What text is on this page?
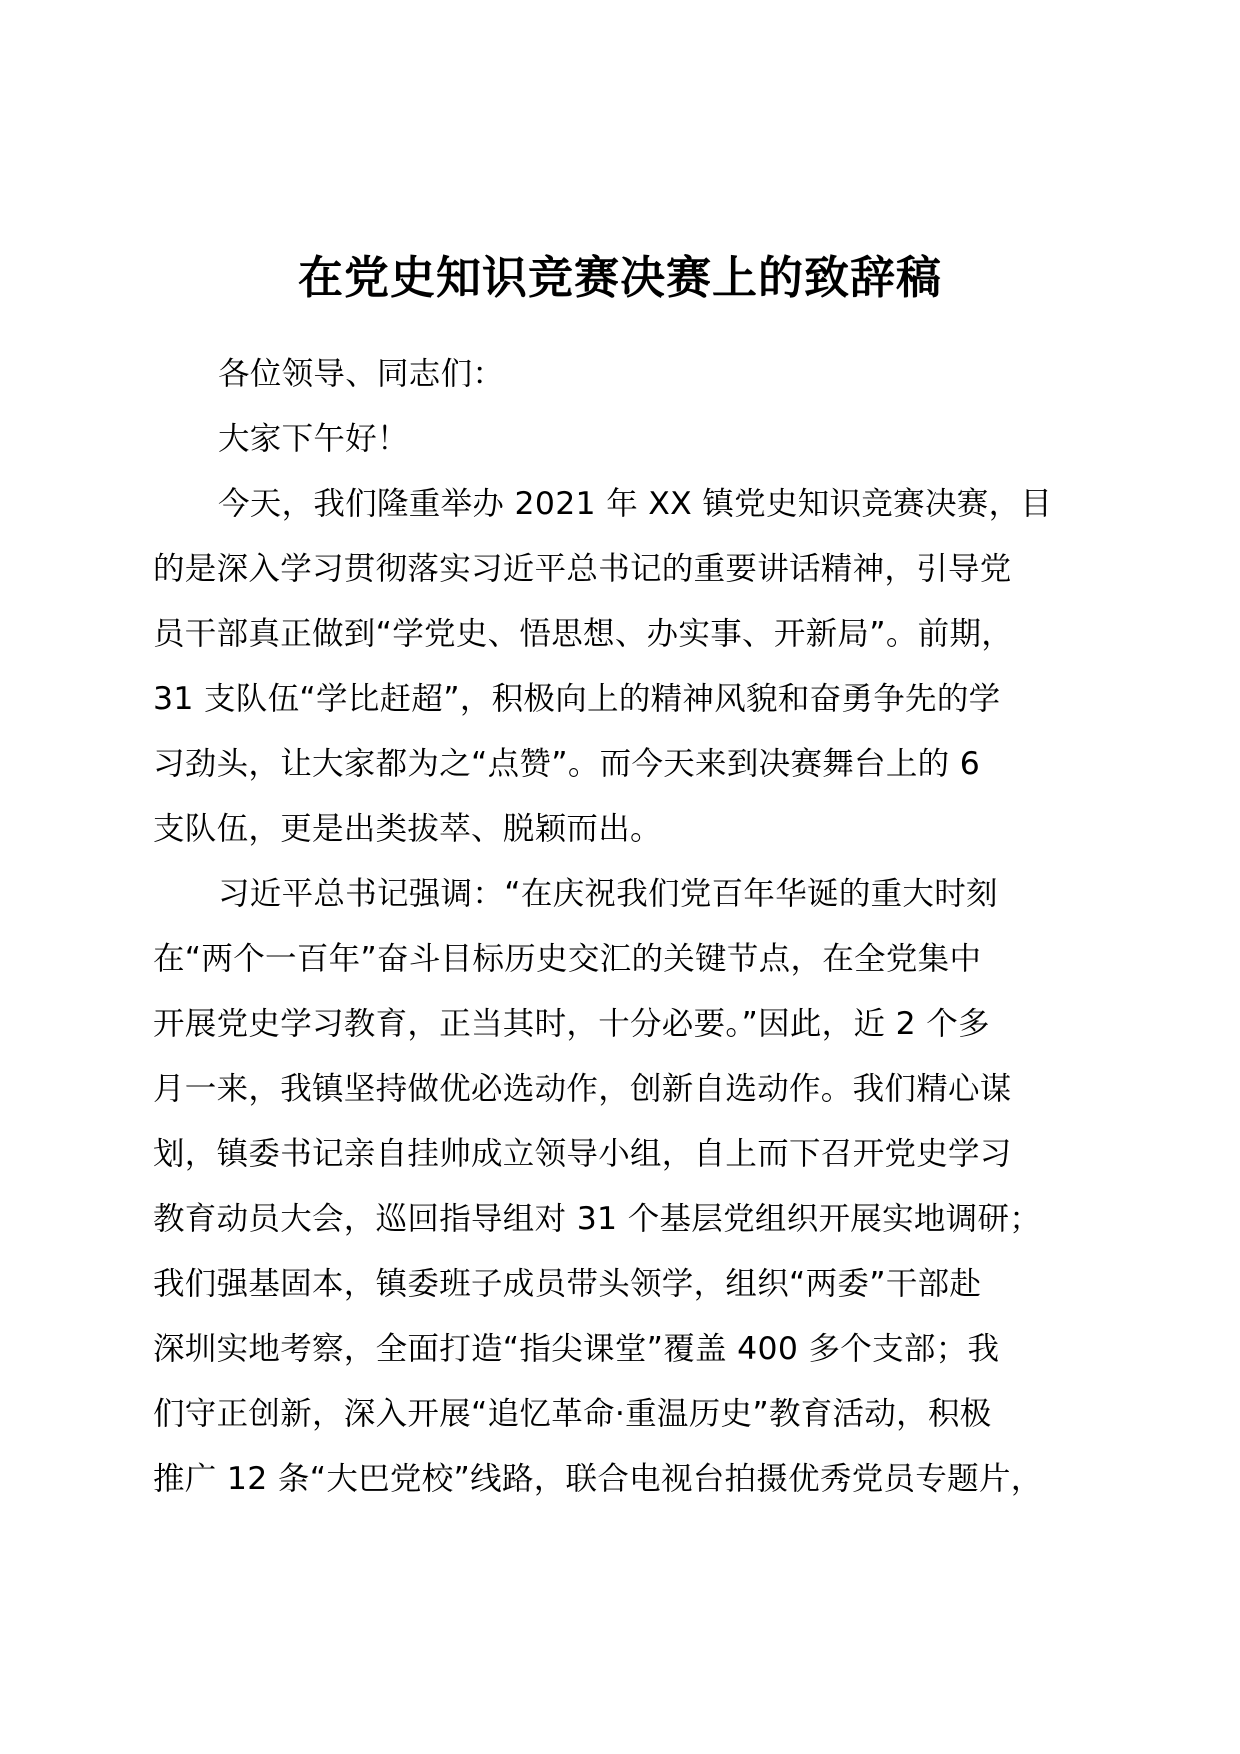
在党史知识竞赛决赛上的致辞稿
各位领导、同志们：
大家下午好！
今天，我们隆重举办 2021 年 XX 镇党史知识竞赛决赛，目
的是深入学习贯彻落实习近平总书记的重要讲话精神，引导党
员干部真正做到“学党史、悟思想、办实事、开新局”。前期，
31 支队伍“学比赶超”，积极向上的精神风貌和奋勇争先的学
习劲头，让大家都为之“点赞”。而今天来到决赛舞台上的 6
支队伍，更是出类拔萃、脱颖而出。
习近平总书记强调：“在庆祝我们党百年华诞的重大时刻
在“两个一百年”奋斗目标历史交汇的关键节点，在全党集中
开展党史学习教育，正当其时，十分必要。”因此，近 2 个多
月一来，我镇坚持做优必选动作，创新自选动作。我们精心谋
划，镇委书记亲自挂帅成立领导小组，自上而下召开党史学习
教育动员大会，巡回指导组对 31 个基层党组织开展实地调研；
我们强基固本，镇委班子成员带头领学，组织“两委”干部赴
深圳实地考察，全面打造“指尖课堂”覆盖 400 多个支部；我
们守正创新，深入开展“追忆革命·重温历史”教育活动，积极
推广 12 条“大巴党校”线路，联合电视台拍摄优秀党员专题片，
